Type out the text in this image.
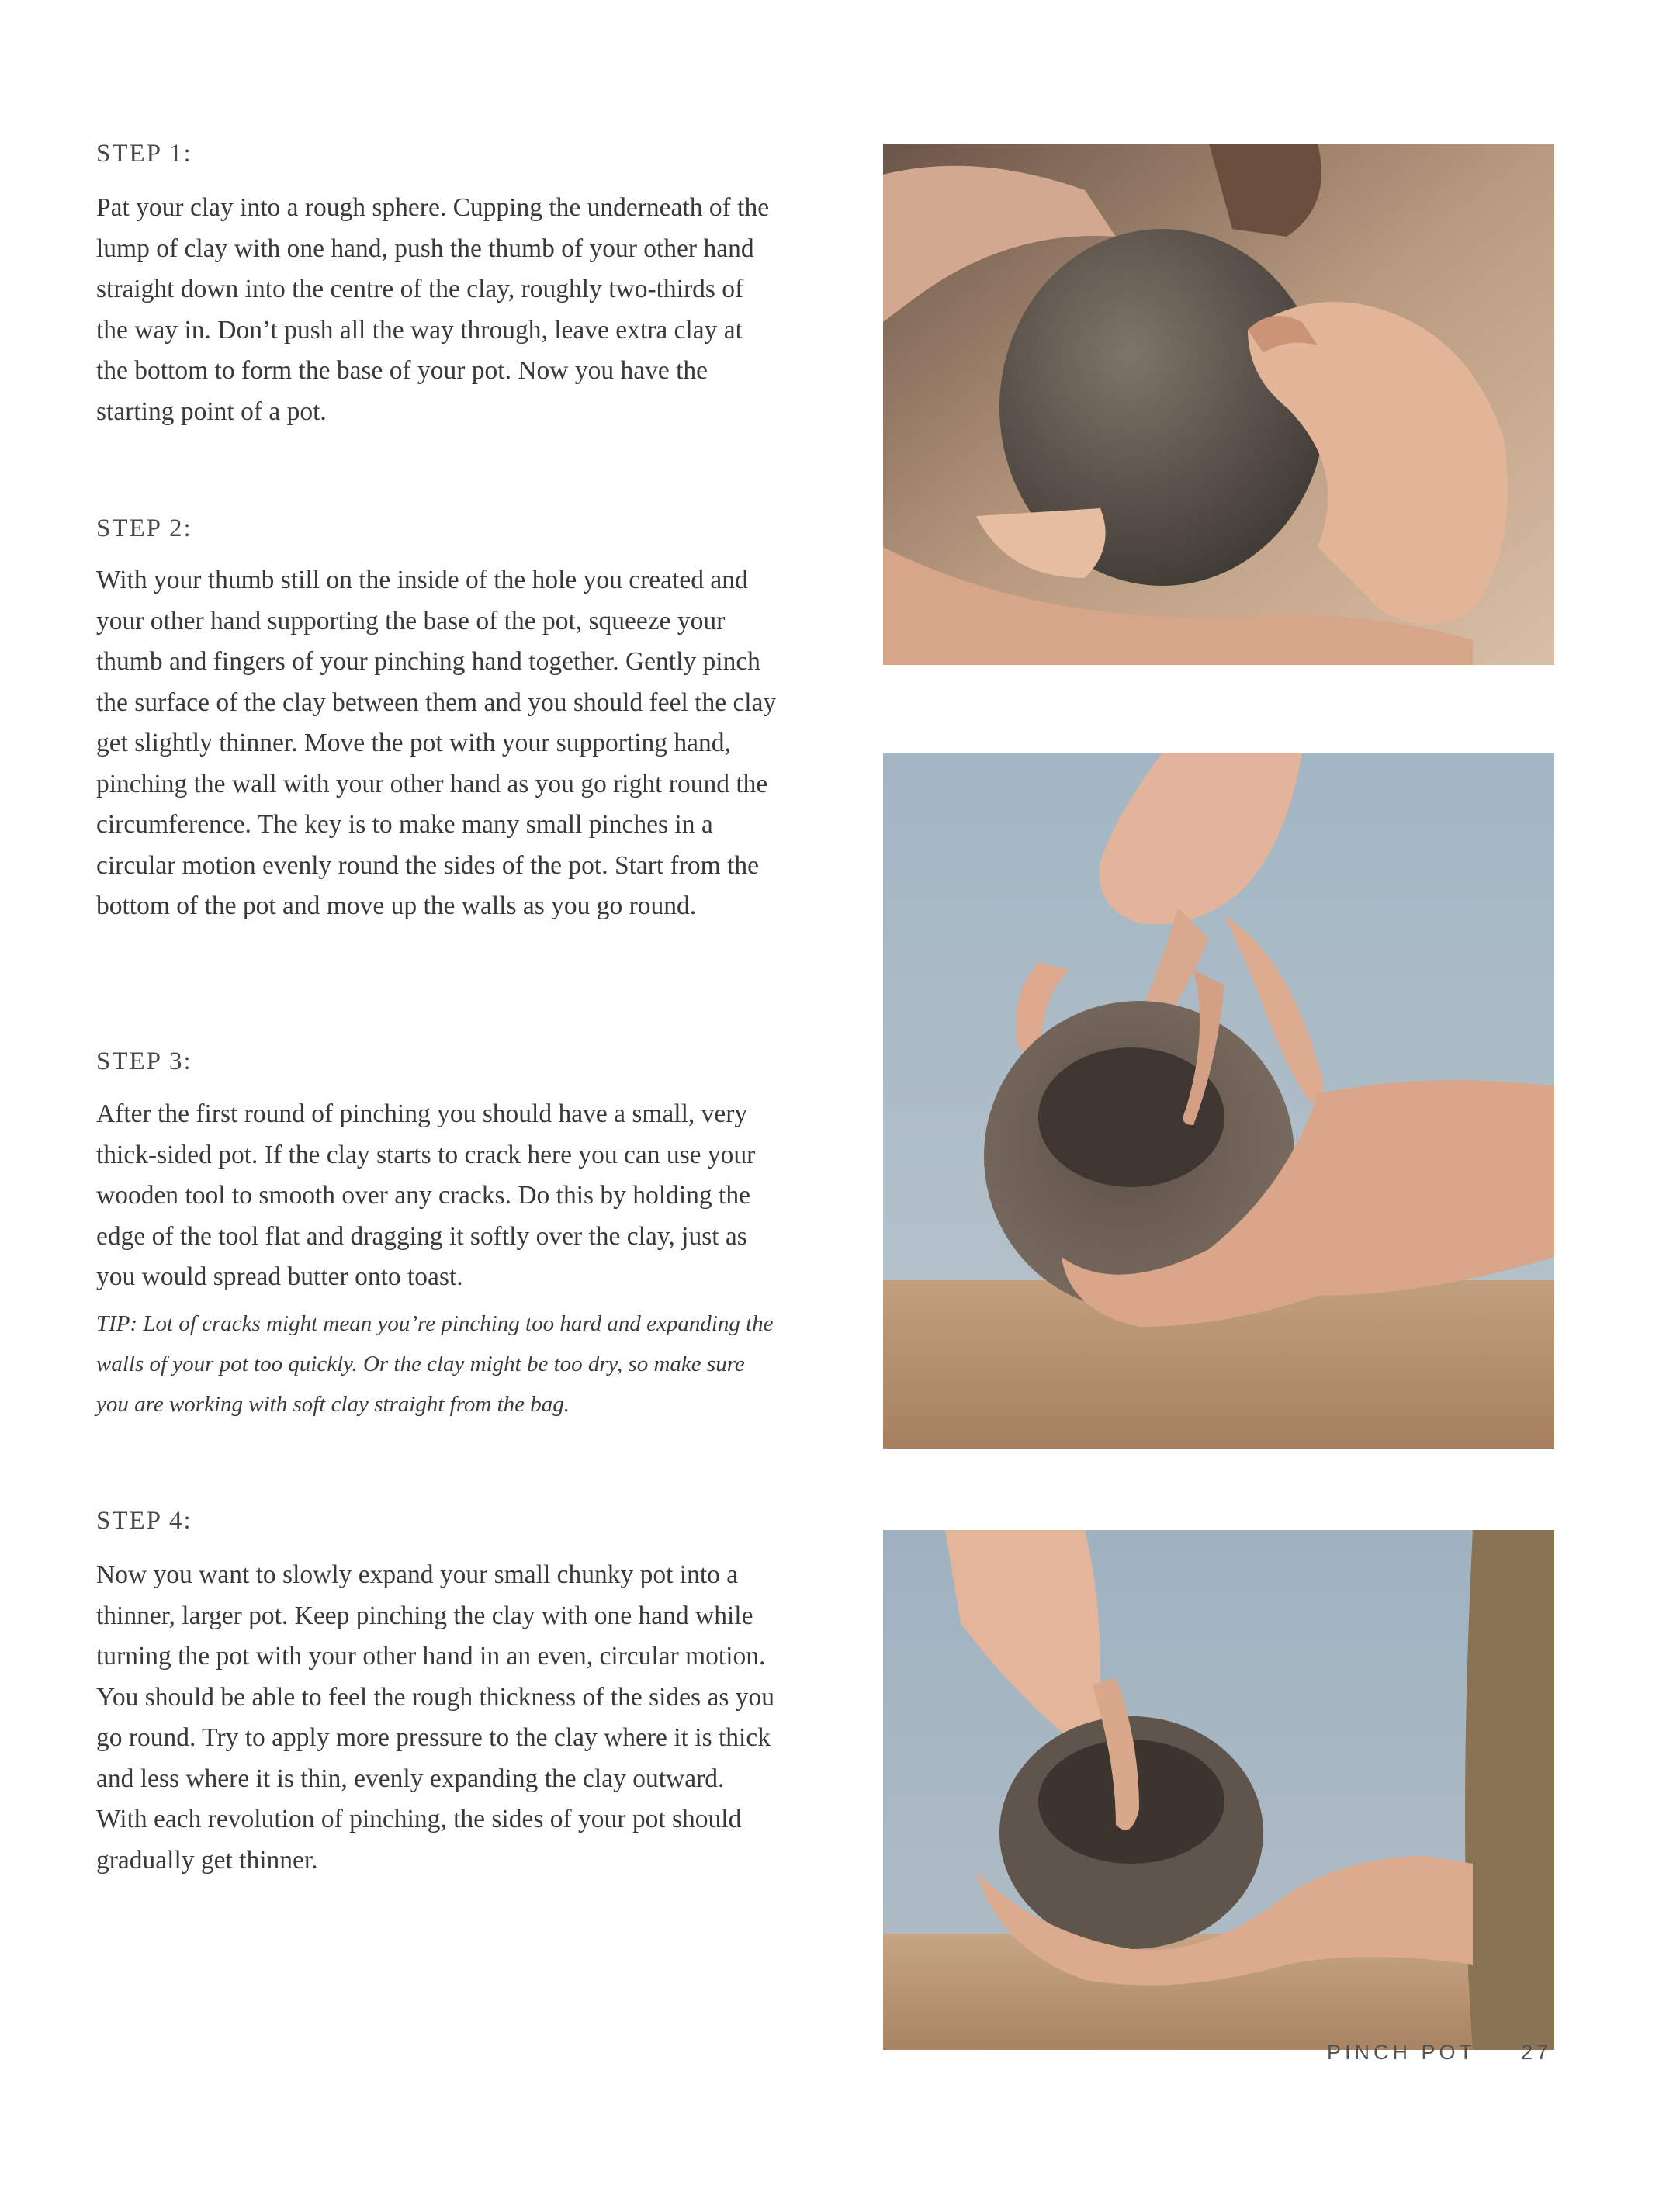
STEP 1:

Pat your clay into a rough sphere. Cupping the underneath of the lump of clay with one hand, push the thumb of your other hand straight down into the centre of the clay, roughly two-thirds of the way in. Don’t push all the way through, leave extra clay at the bottom to form the base of your pot. Now you have the starting point of a pot.

STEP 2:

With your thumb still on the inside of the hole you created and your other hand supporting the base of the pot, squeeze your thumb and fingers of your pinching hand together. Gently pinch the surface of the clay between them and you should feel the clay get slightly thinner. Move the pot with your supporting hand, pinching the wall with your other hand as you go right round the circumference. The key is to make many small pinches in a circular motion evenly round the sides of the pot. Start from the bottom of the pot and move up the walls as you go round.

STEP 3:

After the first round of pinching you should have a small, very thick-sided pot. If the clay starts to crack here you can use your wooden tool to smooth over any cracks. Do this by holding the edge of the tool flat and dragging it softly over the clay, just as you would spread butter onto toast.

TIP: Lot of cracks might mean you’re pinching too hard and expanding the walls of your pot too quickly. Or the clay might be too dry, so make sure you are working with soft clay straight from the bag.

STEP 4:

Now you want to slowly expand your small chunky pot into a thinner, larger pot. Keep pinching the clay with one hand while turning the pot with your other hand in an even, circular motion. You should be able to feel the rough thickness of the sides as you go round. Try to apply more pressure to the clay where it is thick and less where it is thin, evenly expanding the clay outward. With each revolution of pinching, the sides of your pot should gradually get thinner.

PINCH POT 27
